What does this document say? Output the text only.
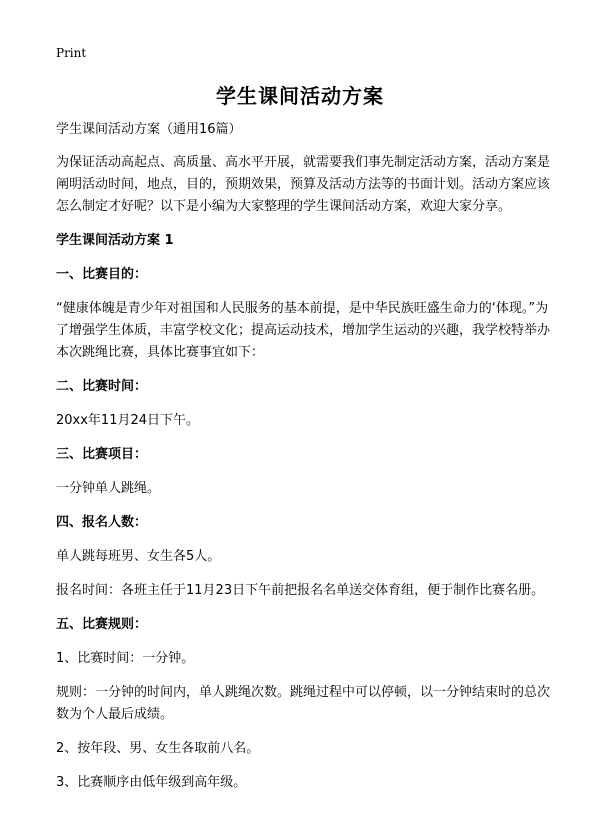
Print
学生课间活动方案

学生课间活动方案（通用16篇）

为保证活动高起点、高质量、高水平开展，就需要我们事先制定活动方案，活动方案是阐明活动时间，地点，目的，预期效果，预算及活动方法等的书面计划。活动方案应该怎么制定才好呢？以下是小编为大家整理的学生课间活动方案，欢迎大家分享。

学生课间活动方案 1

一、比赛目的：

“健康体魄是青少年对祖国和人民服务的基本前提，是中华民族旺盛生命力的‘体现。”为了增强学生体质，丰富学校文化；提高运动技术，增加学生运动的兴趣，我学校特举办本次跳绳比赛，具体比赛事宜如下：

二、比赛时间：

20xx年11月24日下午。

三、比赛项目：

一分钟单人跳绳。

四、报名人数：

单人跳每班男、女生各5人。

报名时间：各班主任于11月23日下午前把报名名单送交体育组，便于制作比赛名册。

五、比赛规则：

1、比赛时间：一分钟。

规则：一分钟的时间内，单人跳绳次数。跳绳过程中可以停顿，以一分钟结束时的总次数为个人最后成绩。

2、按年段、男、女生各取前八名。

3、比赛顺序由低年级到高年级。
